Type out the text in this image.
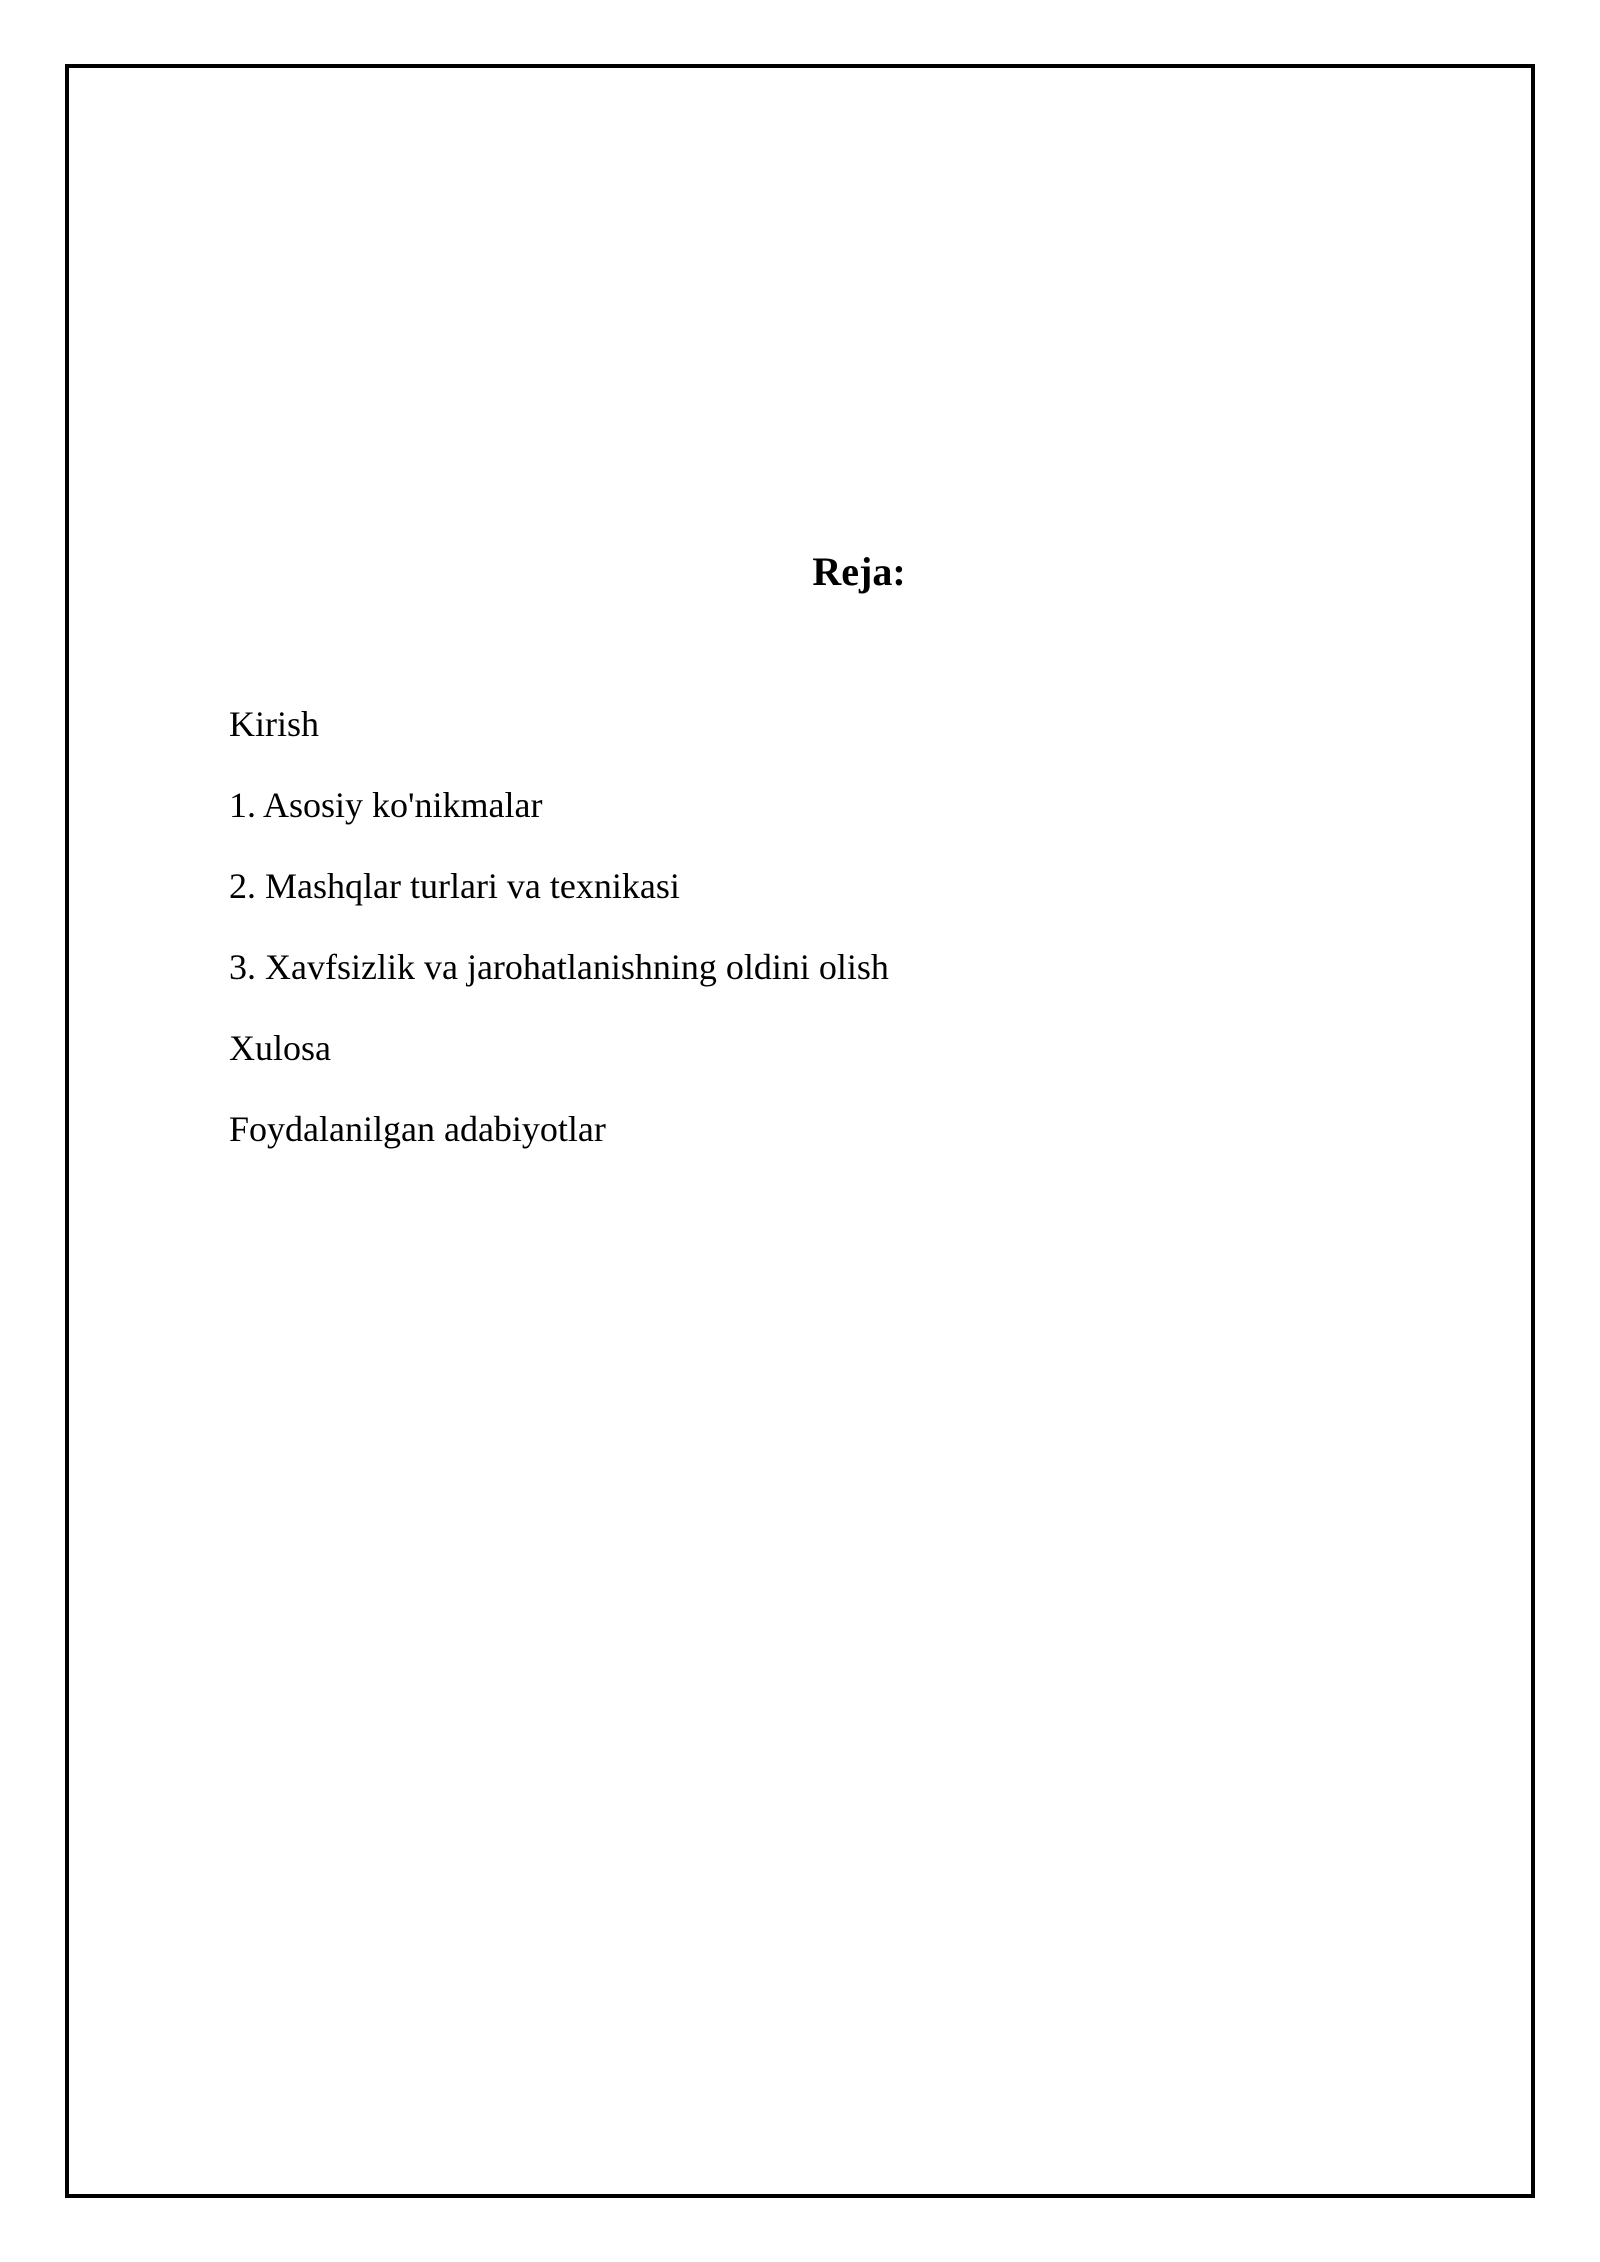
Reja:
Kirish
1. Asosiy ko'nikmalar
2. Mashqlar turlari va texnikasi
3. Xavfsizlik va jarohatlanishning oldini olish
Xulosa
Foydalanilgan adabiyotlar
